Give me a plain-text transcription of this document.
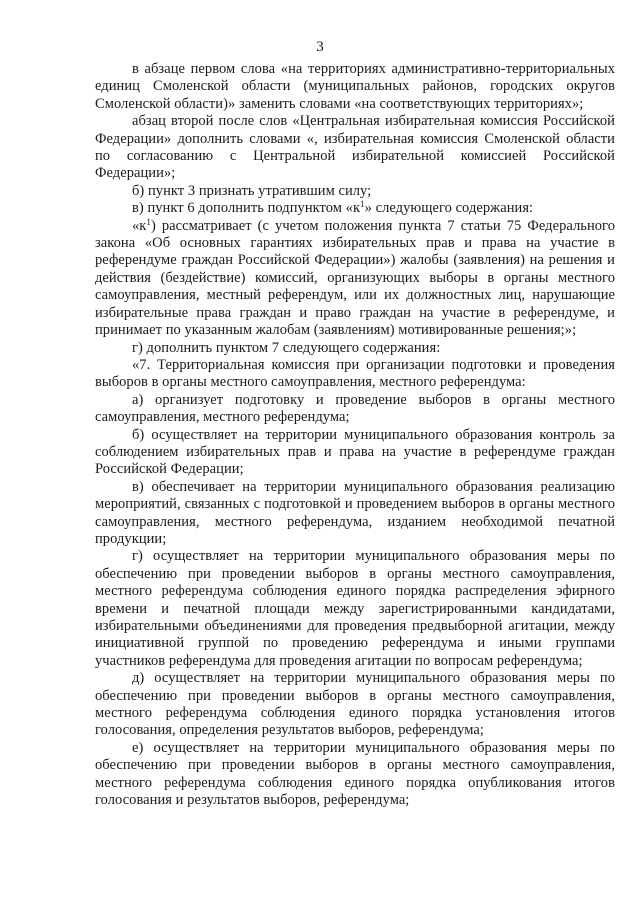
3

в абзаце первом слова «на территориях административно-территориальных единиц Смоленской области (муниципальных районов, городских округов Смоленской области)» заменить словами «на соответствующих территориях»;

абзац второй после слов «Центральная избирательная комиссия Российской Федерации» дополнить словами «, избирательная комиссия Смоленской области по согласованию с Центральной избирательной комиссией Российской Федерации»;

б) пункт 3 признать утратившим силу;

в) пункт 6 дополнить подпунктом «$к^1$» следующего содержания:

«$к^1$) рассматривает (с учетом положения пункта 7 статьи 75 Федерального закона «Об основных гарантиях избирательных прав и права на участие в референдуме граждан Российской Федерации») жалобы (заявления) на решения и действия (бездействие) комиссий, организующих выборы в органы местного самоуправления, местный референдум, или их должностных лиц, нарушающие избирательные права граждан и право граждан на участие в референдуме, и принимает по указанным жалобам (заявлениям) мотивированные решения;»;

г) дополнить пунктом 7 следующего содержания:

«7. Территориальная комиссия при организации подготовки и проведения выборов в органы местного самоуправления, местного референдума:

а) организует подготовку и проведение выборов в органы местного самоуправления, местного референдума;

б) осуществляет на территории муниципального образования контроль за соблюдением избирательных прав и права на участие в референдуме граждан Российской Федерации;

в) обеспечивает на территории муниципального образования реализацию мероприятий, связанных с подготовкой и проведением выборов в органы местного самоуправления, местного референдума, изданием необходимой печатной продукции;

г) осуществляет на территории муниципального образования меры по обеспечению при проведении выборов в органы местного самоуправления, местного референдума соблюдения единого порядка распределения эфирного времени и печатной площади между зарегистрированными кандидатами, избирательными объединениями для проведения предвыборной агитации, между инициативной группой по проведению референдума и иными группами участников референдума для проведения агитации по вопросам референдума;

д) осуществляет на территории муниципального образования меры по обеспечению при проведении выборов в органы местного самоуправления, местного референдума соблюдения единого порядка установления итогов голосования, определения результатов выборов, референдума;

е) осуществляет на территории муниципального образования меры по обеспечению при проведении выборов в органы местного самоуправления, местного референдума соблюдения единого порядка опубликования итогов голосования и результатов выборов, референдума;
